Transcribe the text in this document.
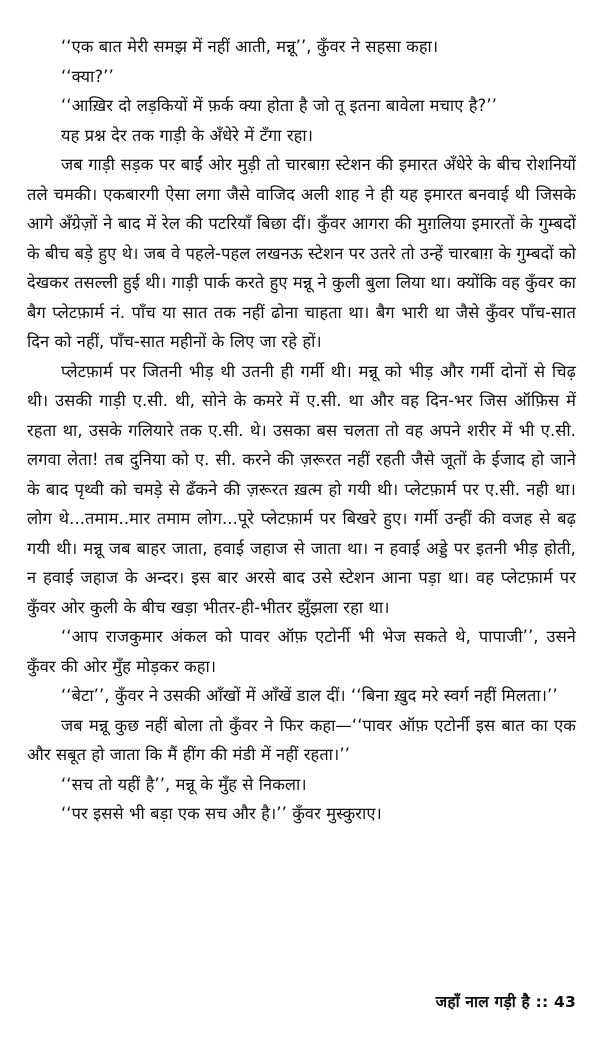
‘‘एक बात मेरी समझ में नहीं आती, मन्नू’’, कुँवर ने सहसा कहा।

‘‘क्या?’’

‘‘आख़िर दो लड़कियों में फ़र्क क्या होता है जो तू इतना बावेला मचाए है?’’

यह प्रश्न देर तक गाड़ी के अँधेरे में टँगा रहा।

जब गाड़ी सड़क पर बाईं ओर मुड़ी तो चारबाग़ स्टेशन की इमारत अँधेरे के बीच रोशनियों तले चमकी। एकबारगी ऐसा लगा जैसे वाजिद अली शाह ने ही यह इमारत बनवाई थी जिसके आगे अँग्रेज़ों ने बाद में रेल की पटरियाँ बिछा दीं। कुँवर आगरा की मुग़लिया इमारतों के गुम्बदों के बीच बड़े हुए थे। जब वे पहले-पहल लखनऊ स्टेशन पर उतरे तो उन्हें चारबाग़ के गुम्बदों को देखकर तसल्ली हुई थी। गाड़ी पार्क करते हुए मन्नू ने कुली बुला लिया था। क्योंकि वह कुँवर का बैग प्लेटफ़ार्म नं. पाँच या सात तक नहीं ढोना चाहता था। बैग भारी था जैसे कुँवर पाँच-सात दिन को नहीं, पाँच-सात महीनों के लिए जा रहे हों।

प्लेटफ़ार्म पर जितनी भीड़ थी उतनी ही गर्मी थी। मन्नू को भीड़ और गर्मी दोनों से चिढ़ थी। उसकी गाड़ी ए.सी. थी, सोने के कमरे में ए.सी. था और वह दिन-भर जिस ऑफ़िस में रहता था, उसके गलियारे तक ए.सी. थे। उसका बस चलता तो वह अपने शरीर में भी ए.सी. लगवा लेता! तब दुनिया को ए. सी. करने की ज़रूरत नहीं रहती जैसे जूतों के ईजाद हो जाने के बाद पृथ्वी को चमड़े से ढँकने की ज़रूरत ख़त्म हो गयी थी। प्लेटफ़ार्म पर ए.सी. नही था। लोग थे...तमाम..मार तमाम लोग...पूरे प्लेटफ़ार्म पर बिखरे हुए। गर्मी उन्हीं की वजह से बढ़ गयी थी। मन्नू जब बाहर जाता, हवाई जहाज से जाता था। न हवाई अड्डे पर इतनी भीड़ होती, न हवाई जहाज के अन्दर। इस बार अरसे बाद उसे स्टेशन आना पड़ा था। वह प्लेटफ़ार्म पर कुँवर ओर कुली के बीच खड़ा भीतर-ही-भीतर झुँझला रहा था।

‘‘आप राजकुमार अंकल को पावर ऑफ़ एटोर्नी भी भेज सकते थे, पापाजी’’, उसने कुँवर की ओर मुँह मोड़कर कहा।

‘‘बेटा’’, कुँवर ने उसकी आँखों में आँखें डाल दीं। ‘‘बिना ख़ुद मरे स्वर्ग नहीं मिलता।’’

जब मन्नू कुछ नहीं बोला तो कुँवर ने फिर कहा—‘‘पावर ऑफ़ एटोर्नी इस बात का एक और सबूत हो जाता कि मैं हींग की मंडी में नहीं रहता।’’

‘‘सच तो यहीं है’’, मन्नू के मुँह से निकला।

‘‘पर इससे भी बड़ा एक सच और है।’’ कुँवर मुस्कुराए।

जहाँ नाल गड़ी है :: 43
